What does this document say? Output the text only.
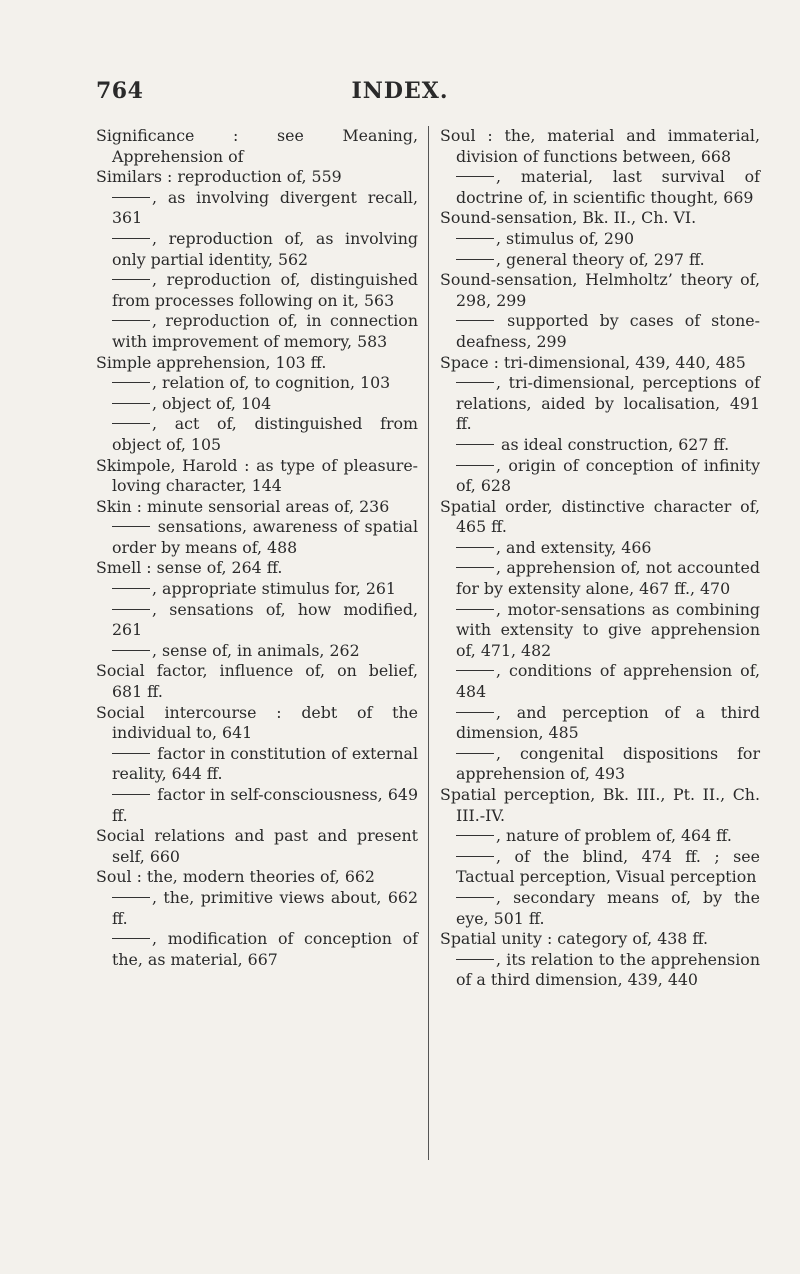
764	INDEX.

Significance : see Meaning, Apprehension of

Similars : reproduction of, 559

, as involving divergent recall, 361

, reproduction of, as involving only partial identity, 562

, reproduction of, distinguished from processes following on it, 563

, reproduction of, in connection with improvement of memory, 583

Simple apprehension, 103 ff.

, relation of, to cognition, 103

, object of, 104

, act of, distinguished from object of, 105

Skimpole, Harold : as type of pleasure-loving character, 144

Skin : minute sensorial areas of, 236

sensations, awareness of spatial order by means of, 488

Smell : sense of, 264 ff.

, appropriate stimulus for, 261

, sensations of, how modified, 261

, sense of, in animals, 262

Social factor, influence of, on belief, 681 ff.

Social intercourse : debt of the individual to, 641

factor in constitution of external reality, 644 ff.

factor in self-consciousness, 649 ff.

Social relations and past and present self, 660

Soul : the, modern theories of, 662

, the, primitive views about, 662 ff.

, modification of conception of the, as material, 667

Soul : the, material and immaterial, division of functions between, 668

, material, last survival of doctrine of, in scientific thought, 669

Sound-sensation, Bk. II., Ch. VI.

, stimulus of, 290

, general theory of, 297 ff.

Sound-sensation, Helmholtz’ theory of, 298, 299

supported by cases of stone-deafness, 299

Space : tri-dimensional, 439, 440, 485

, tri-dimensional, perceptions of relations, aided by localisation, 491 ff.

as ideal construction, 627 ff.

, origin of conception of infinity of, 628

Spatial order, distinctive character of, 465 ff.

, and extensity, 466

, apprehension of, not accounted for by extensity alone, 467 ff., 470

, motor-sensations as combining with extensity to give apprehension of, 471, 482

, conditions of apprehension of, 484

, and perception of a third dimension, 485

, congenital dispositions for apprehension of, 493

Spatial perception, Bk. III., Pt. II., Ch. III.-IV.

, nature of problem of, 464 ff.

, of the blind, 474 ff. ; see Tactual perception, Visual perception

, secondary means of, by the eye, 501 ff.

Spatial unity : category of, 438 ff.

, its relation to the apprehension of a third dimension, 439, 440
